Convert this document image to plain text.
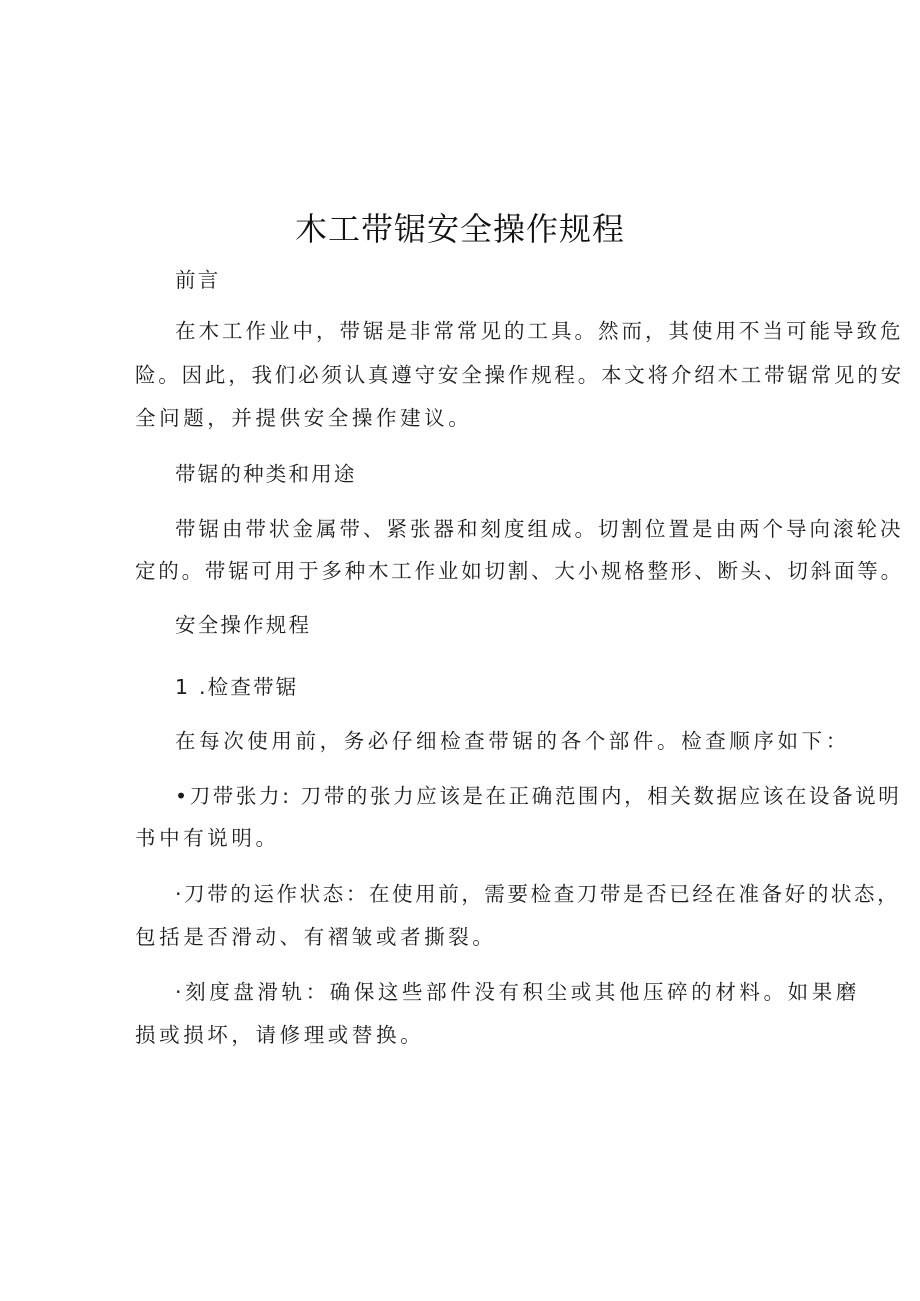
木工带锯安全操作规程

前言

在木工作业中，带锯是非常常见的工具。然而，其使用不当可能导致危

险。因此，我们必须认真遵守安全操作规程。本文将介绍木工带锯常见的安

全问题，并提供安全操作建议。

带锯的种类和用途

带锯由带状金属带、紧张器和刻度组成。切割位置是由两个导向滚轮决

定的。带锯可用于多种木工作业如切割、大小规格整形、断头、切斜面等。

安全操作规程

1 .检查带锯

在每次使用前，务必仔细检查带锯的各个部件。检查顺序如下：

•刀带张力: 刀带的张力应该是在正确范围内，相关数据应该在设备说明

书中有说明。

·刀带的运作状态：在使用前，需要检查刀带是否已经在准备好的状态，

包括是否滑动、有褶皱或者撕裂。

·刻度盘滑轨：确保这些部件没有积尘或其他压碎的材料。如果磨

损或损坏，请修理或替换。
